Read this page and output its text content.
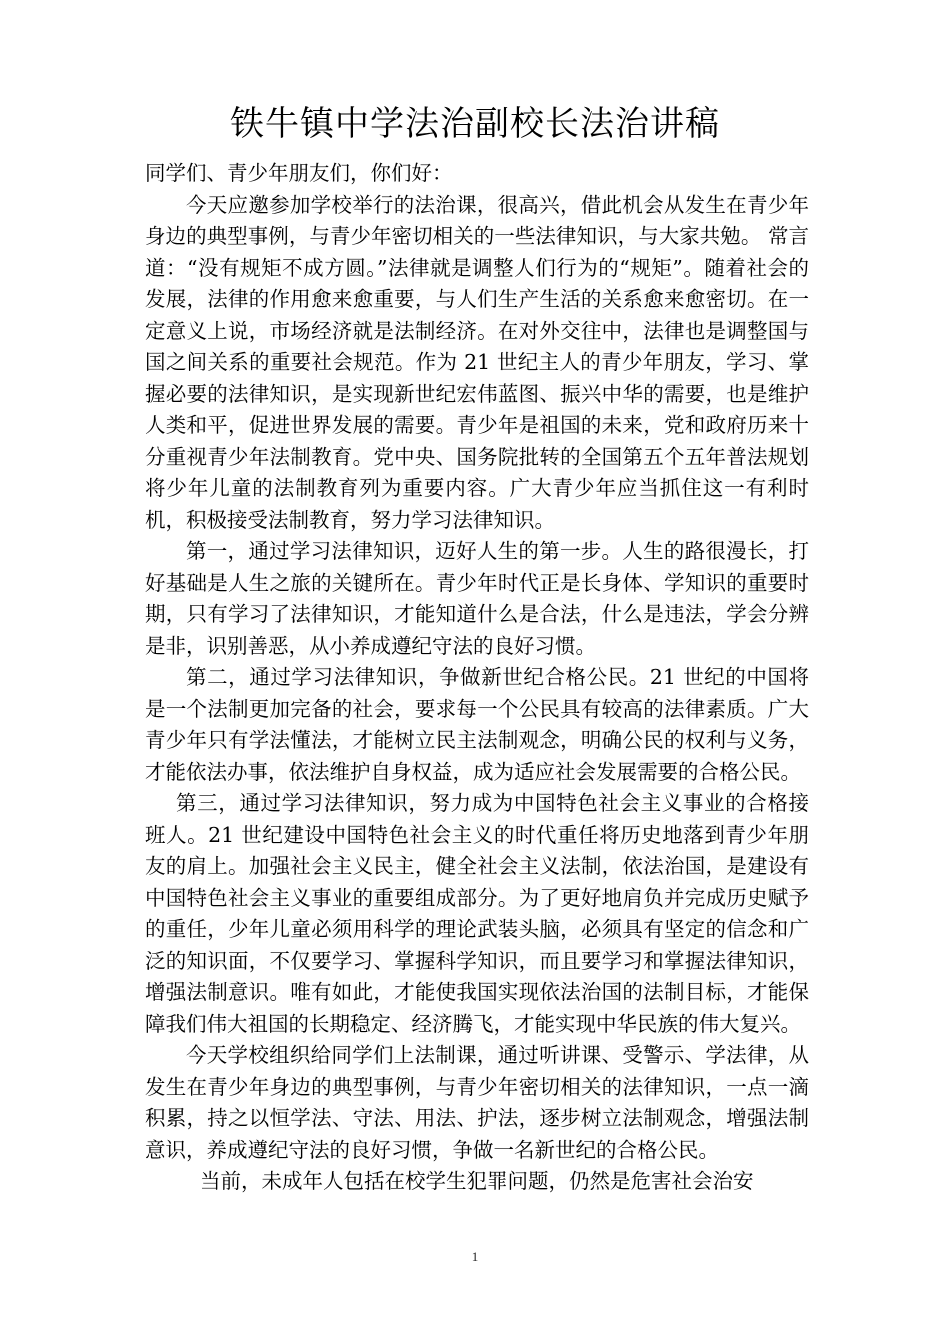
铁牛镇中学法治副校长法治讲稿

同学们、青少年朋友们，你们好：

今天应邀参加学校举行的法治课，很高兴，借此机会从发生在青少年身边的典型事例，与青少年密切相关的一些法律知识，与大家共勉。 常言道：“没有规矩不成方圆。”法律就是调整人们行为的“规矩”。随着社会的发展，法律的作用愈来愈重要，与人们生产生活的关系愈来愈密切。在一定意义上说，市场经济就是法制经济。在对外交往中，法律也是调整国与国之间关系的重要社会规范。作为 21 世纪主人的青少年朋友，学习、掌握必要的法律知识，是实现新世纪宏伟蓝图、振兴中华的需要，也是维护人类和平，促进世界发展的需要。青少年是祖国的未来，党和政府历来十分重视青少年法制教育。党中央、国务院批转的全国第五个五年普法规划将少年儿童的法制教育列为重要内容。广大青少年应当抓住这一有利时机，积极接受法制教育，努力学习法律知识。

第一，通过学习法律知识，迈好人生的第一步。人生的路很漫长，打好基础是人生之旅的关键所在。青少年时代正是长身体、学知识的重要时期，只有学习了法律知识，才能知道什么是合法，什么是违法，学会分辨是非，识别善恶，从小养成遵纪守法的良好习惯。

第二，通过学习法律知识，争做新世纪合格公民。21 世纪的中国将是一个法制更加完备的社会，要求每一个公民具有较高的法律素质。广大青少年只有学法懂法，才能树立民主法制观念，明确公民的权利与义务，才能依法办事，依法维护自身权益，成为适应社会发展需要的合格公民。

第三，通过学习法律知识，努力成为中国特色社会主义事业的合格接班人。21 世纪建设中国特色社会主义的时代重任将历史地落到青少年朋友的肩上。加强社会主义民主，健全社会主义法制，依法治国，是建设有中国特色社会主义事业的重要组成部分。为了更好地肩负并完成历史赋予的重任，少年儿童必须用科学的理论武装头脑，必须具有坚定的信念和广泛的知识面，不仅要学习、掌握科学知识，而且要学习和掌握法律知识，增强法制意识。唯有如此，才能使我国实现依法治国的法制目标，才能保障我们伟大祖国的长期稳定、经济腾飞，才能实现中华民族的伟大复兴。

今天学校组织给同学们上法制课，通过听讲课、受警示、学法律，从发生在青少年身边的典型事例，与青少年密切相关的法律知识，一点一滴积累，持之以恒学法、守法、用法、护法，逐步树立法制观念，增强法制意识，养成遵纪守法的良好习惯，争做一名新世纪的合格公民。

当前，未成年人包括在校学生犯罪问题，仍然是危害社会治安

1
